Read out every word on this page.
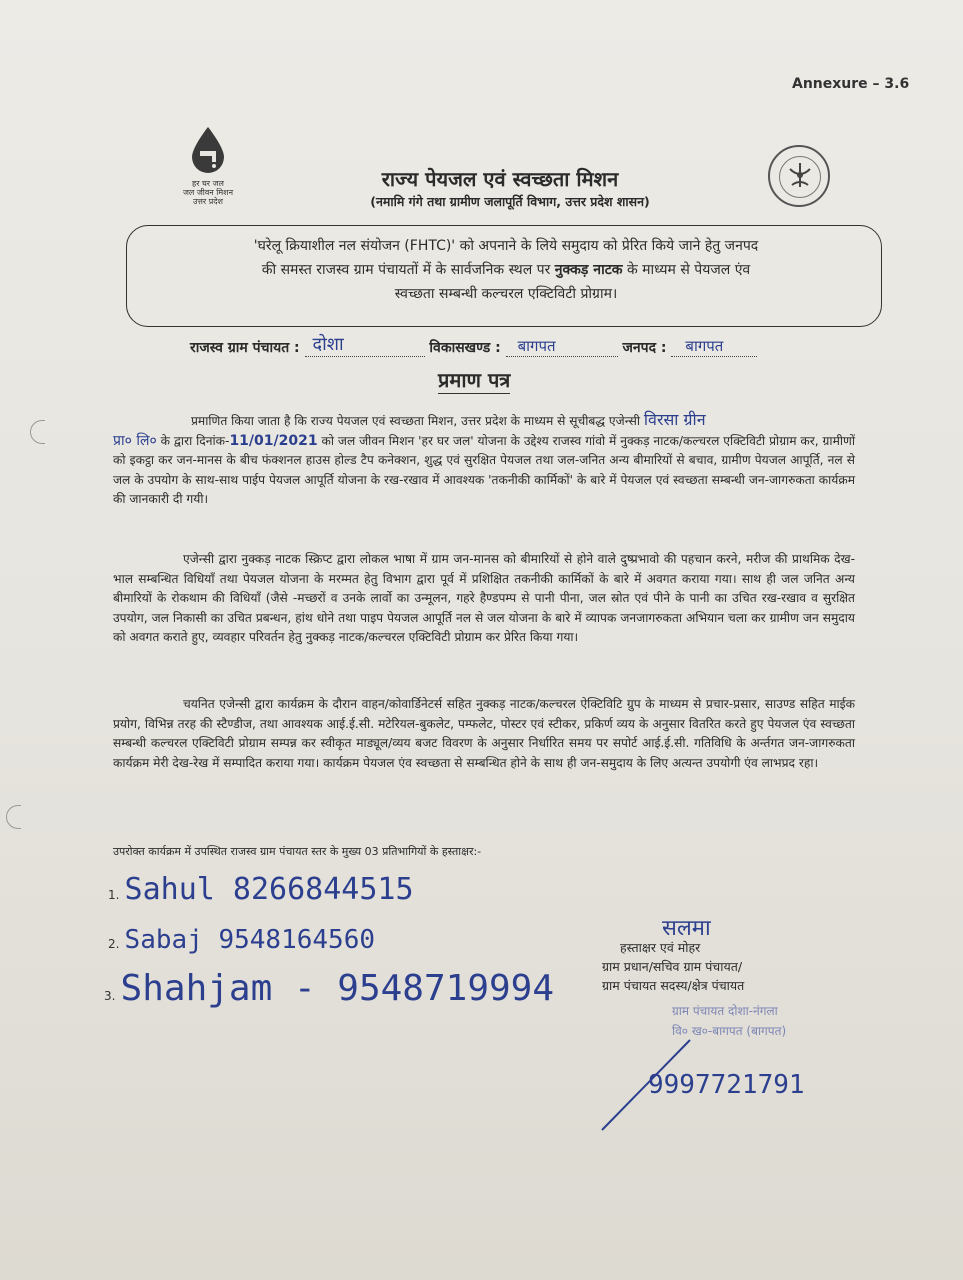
Annexure – 3.6
हर घर जल
जल जीवन मिशन
उत्तर प्रदेश
राज्य पेयजल एवं स्वच्छता मिशन
(नमामि गंगे तथा ग्रामीण जलापूर्ति विभाग, उत्तर प्रदेश शासन)
'घरेलू क्रियाशील नल संयोजन (FHTC)' को अपनाने के लिये समुदाय को प्रेरित किये जाने हेतु जनपद
की समस्त राजस्व ग्राम पंचायतों में के सार्वजनिक स्थल पर नुक्कड़ नाटक के माध्यम से पेयजल एंव
स्वच्छता सम्बन्धी कल्चरल एक्टिविटी प्रोग्राम।
राजस्व ग्राम पंचायत : दोशा	विकासखण्ड : बागपत	जनपद : बागपत
प्रमाण पत्र
प्रमाणित किया जाता है कि राज्य पेयजल एवं स्वच्छता मिशन, उत्तर प्रदेश के माध्यम से सूचीबद्ध एजेन्सी विरसा ग्रीन
प्रा० लि० के द्वारा दिनांक-11/01/2021 को जल जीवन मिशन 'हर घर जल' योजना के उद्देश्य राजस्व गांवो में नुक्कड़ नाटक/कल्चरल एक्टिविटी प्रोग्राम कर, ग्रामीणों को इकट्ठा कर जन-मानस के बीच फंक्शनल हाउस होल्ड टैप कनेक्शन, शुद्ध एवं सुरक्षित पेयजल तथा जल-जनित अन्य बीमारियों से बचाव, ग्रामीण पेयजल आपूर्ति, नल से जल के उपयोग के साथ-साथ पाईप पेयजल आपूर्ति योजना के रख-रखाव में आवश्यक 'तकनीकी कार्मिकों' के बारे में पेयजल एवं स्वच्छता सम्बन्धी जन-जागरुकता कार्यक्रम की जानकारी दी गयी।
एजेन्सी द्वारा नुक्कड़ नाटक स्क्रिप्ट द्वारा लोकल भाषा में ग्राम जन-मानस को बीमारियों से होने वाले दुष्प्रभावो की पहचान करने, मरीज की प्राथमिक देख-भाल सम्बन्धित विधियाँ तथा पेयजल योजना के मरम्मत हेतु विभाग द्वारा पूर्व में प्रशिक्षित तकनीकी कार्मिकों के बारे में अवगत कराया गया। साथ ही जल जनित अन्य बीमारियों के रोकथाम की विधियाँ (जैसे -मच्छरों व उनके लार्वो का उन्मूलन, गहरे हैण्डपम्प से पानी पीना, जल स्रोत एवं पीने के पानी का उचित रख-रखाव व सुरक्षित उपयोग, जल निकासी का उचित प्रबन्धन, हांथ धोने तथा पाइप पेयजल आपूर्ति नल से जल योजना के बारे में व्यापक जनजागरुकता अभियान चला कर ग्रामीण जन समुदाय को अवगत कराते हुए, व्यवहार परिवर्तन हेतु नुक्कड़ नाटक/कल्चरल एक्टिविटी प्रोग्राम कर प्रेरित किया गया।
चयनित एजेन्सी द्वारा कार्यक्रम के दौरान वाहन/कोवार्डिनेटर्स सहित नुक्कड़ नाटक/कल्चरल ऐक्टिविटि ग्रुप के माध्यम से प्रचार-प्रसार, साउण्ड सहित माईक प्रयोग, विभिन्न तरह की स्टैण्डीज, तथा आवश्यक आई.ई.सी. मटेरियल-बुकलेट, पम्फलेट, पोस्टर एवं स्टीकर, प्रकिर्ण व्यय के अनुसार वितरित करते हुए पेयजल एंव स्वच्छता सम्बन्धी कल्चरल एक्टिविटी प्रोग्राम सम्पन्न कर स्वीकृत माड्यूल/व्यय बजट विवरण के अनुसार निर्धारित समय पर सपोर्ट आई.ई.सी. गतिविधि के अर्न्तगत जन-जागरुकता कार्यक्रम मेरी देख-रेख में सम्पादित कराया गया। कार्यक्रम पेयजल एंव स्वच्छता से सम्बन्धित होने के साथ ही जन-समुदाय के लिए अत्यन्त उपयोगी एंव लाभप्रद रहा।
उपरोक्त कार्यक्रम में उपस्थित राजस्व ग्राम पंचायत स्तर के मुख्य 03 प्रतिभागियों के हस्ताक्षर:-
1. Sahul 8266844515
2. Sabaj 9548164560
3. Shahjam - 9548719994
9997721791
सलमा
हस्ताक्षर एवं मोहर
ग्राम प्रधान/सचिव ग्राम पंचायत/
ग्राम पंचायत सदस्य/क्षेत्र पंचायत
ग्राम पंचायत दोशा-नंगला
वि० ख०-बागपत (बागपत)
